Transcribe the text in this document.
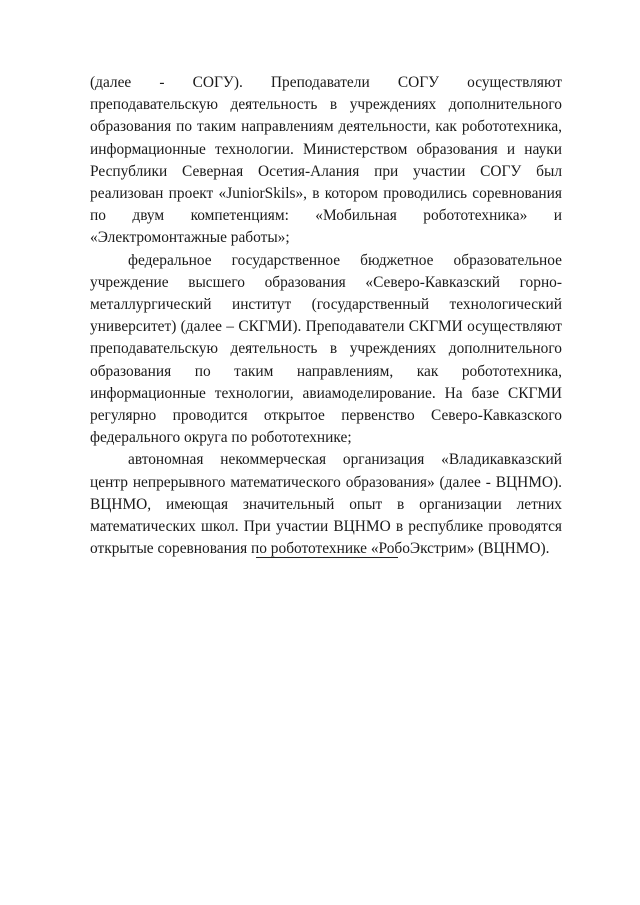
(далее - СОГУ). Преподаватели СОГУ осуществляют преподавательскую деятельность в учреждениях дополнительного образования по таким направлениям деятельности, как робототехника, информационные технологии. Министерством образования и науки Республики Северная Осетия-Алания при участии СОГУ был реализован проект «JuniorSkils», в котором проводились соревнования по двум компетенциям: «Мобильная робототехника» и «Электромонтажные работы»;

федеральное государственное бюджетное образовательное учреждение высшего образования «Северо-Кавказский горно-металлургический институт (государственный технологический университет) (далее – СКГМИ). Преподаватели СКГМИ осуществляют преподавательскую деятельность в учреждениях дополнительного образования по таким направлениям, как робототехника, информационные технологии, авиамоделирование. На базе СКГМИ регулярно проводится открытое первенство Северо-Кавказского федерального округа по робототехнике;

автономная некоммерческая организация «Владикавказский центр непрерывного математического образования» (далее - ВЦНМО). ВЦНМО, имеющая значительный опыт в организации летних математических школ. При участии ВЦНМО в республике проводятся открытые соревнования по робототехнике «РобоЭкстрим» (ВЦНМО).
